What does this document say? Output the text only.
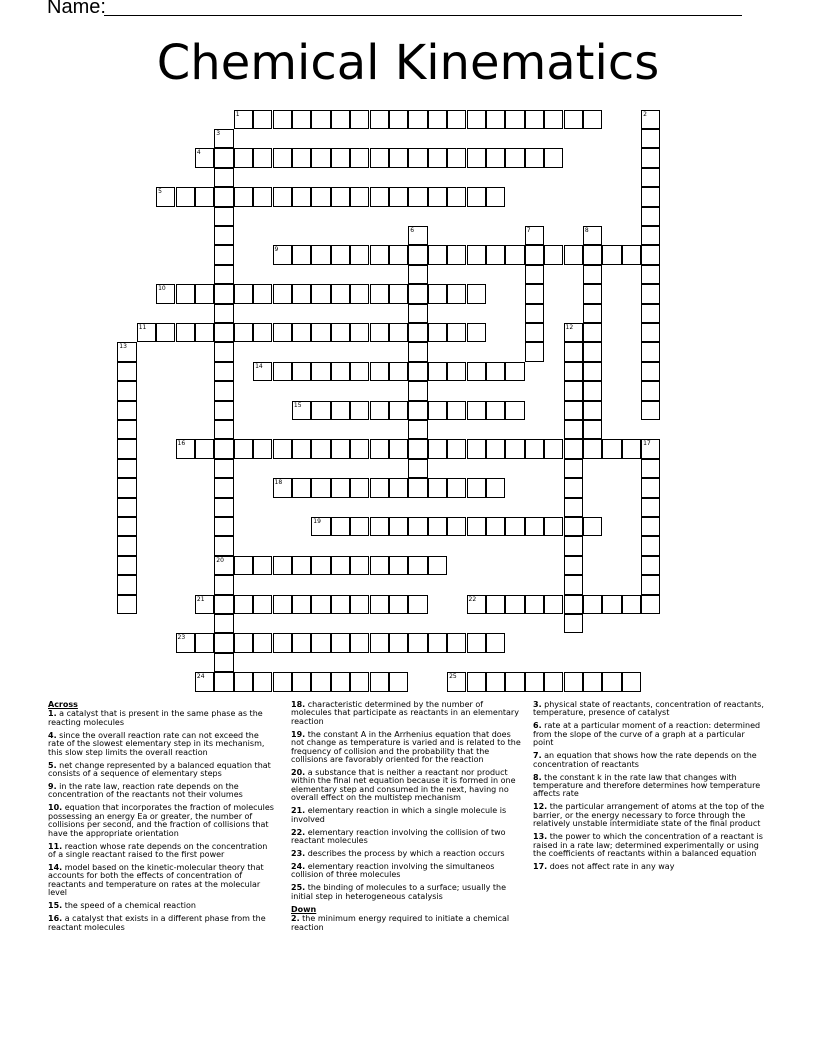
Name:
Chemical Kinematics
1	2
3
20
4
5
6	7	8
9
10
11	12
13
14
15
16	17
18
19
21	22
23
24	25
Across
1. a catalyst that is present in the same phase as the reacting molecules
4. since the overall reaction rate can not exceed the rate of the slowest elementary step in its mechanism, this slow step limits the overall reaction
5. net change represented by a balanced equation that consists of a sequence of elementary steps
9. in the rate law, reaction rate depends on the concentration of the reactants not their volumes
10. equation that incorporates the fraction of molecules possessing an energy Ea or greater, the number of collisions per second, and the fraction of collisions that have the appropriate orientation
11. reaction whose rate depends on the concentration of a single reactant raised to the first power
14. model based on the kinetic-molecular theory that accounts for both the effects of concentration of reactants and temperature on rates at the molecular level
15. the speed of a chemical reaction
16. a catalyst that exists in a different phase from the reactant molecules
18. characteristic determined by the number of molecules that participate as reactants in an elementary reaction
19. the constant A in the Arrhenius equation that does not change as temperature is varied and is related to the frequency of collision and the probability that the collisions are favorably oriented for the reaction
20. a substance that is neither a reactant nor product within the final net equation because it is formed in one elementary step and consumed in the next, having no overall effect on the multistep mechanism
21. elementary reaction in which a single molecule is involved
22. elementary reaction involving the collision of two reactant molecules
23. describes the process by which a reaction occurs
24. elementary reaction involving the simultaneos collision of three molecules
25. the binding of molecules to a surface; usually the initial step in heterogeneous catalysis
Down
2. the minimum energy required to initiate a chemical reaction
3. physical state of reactants, concentration of reactants, temperature, presence of catalyst
6. rate at a particular moment of a reaction: determined from the slope of the curve of a graph at a particular point
7. an equation that shows how the rate depends on the concentration of reactants
8. the constant k in the rate law that changes with temperature and therefore determines how temperature affects rate
12. the particular arrangement of atoms at the top of the barrier, or the energy necessary to force through the relatively unstable intermidiate state of the final product
13. the power to which the concentration of a reactant is raised in a rate law; determined experimentally or using the coefficients of reactants within a balanced equation
17. does not affect rate in any way
